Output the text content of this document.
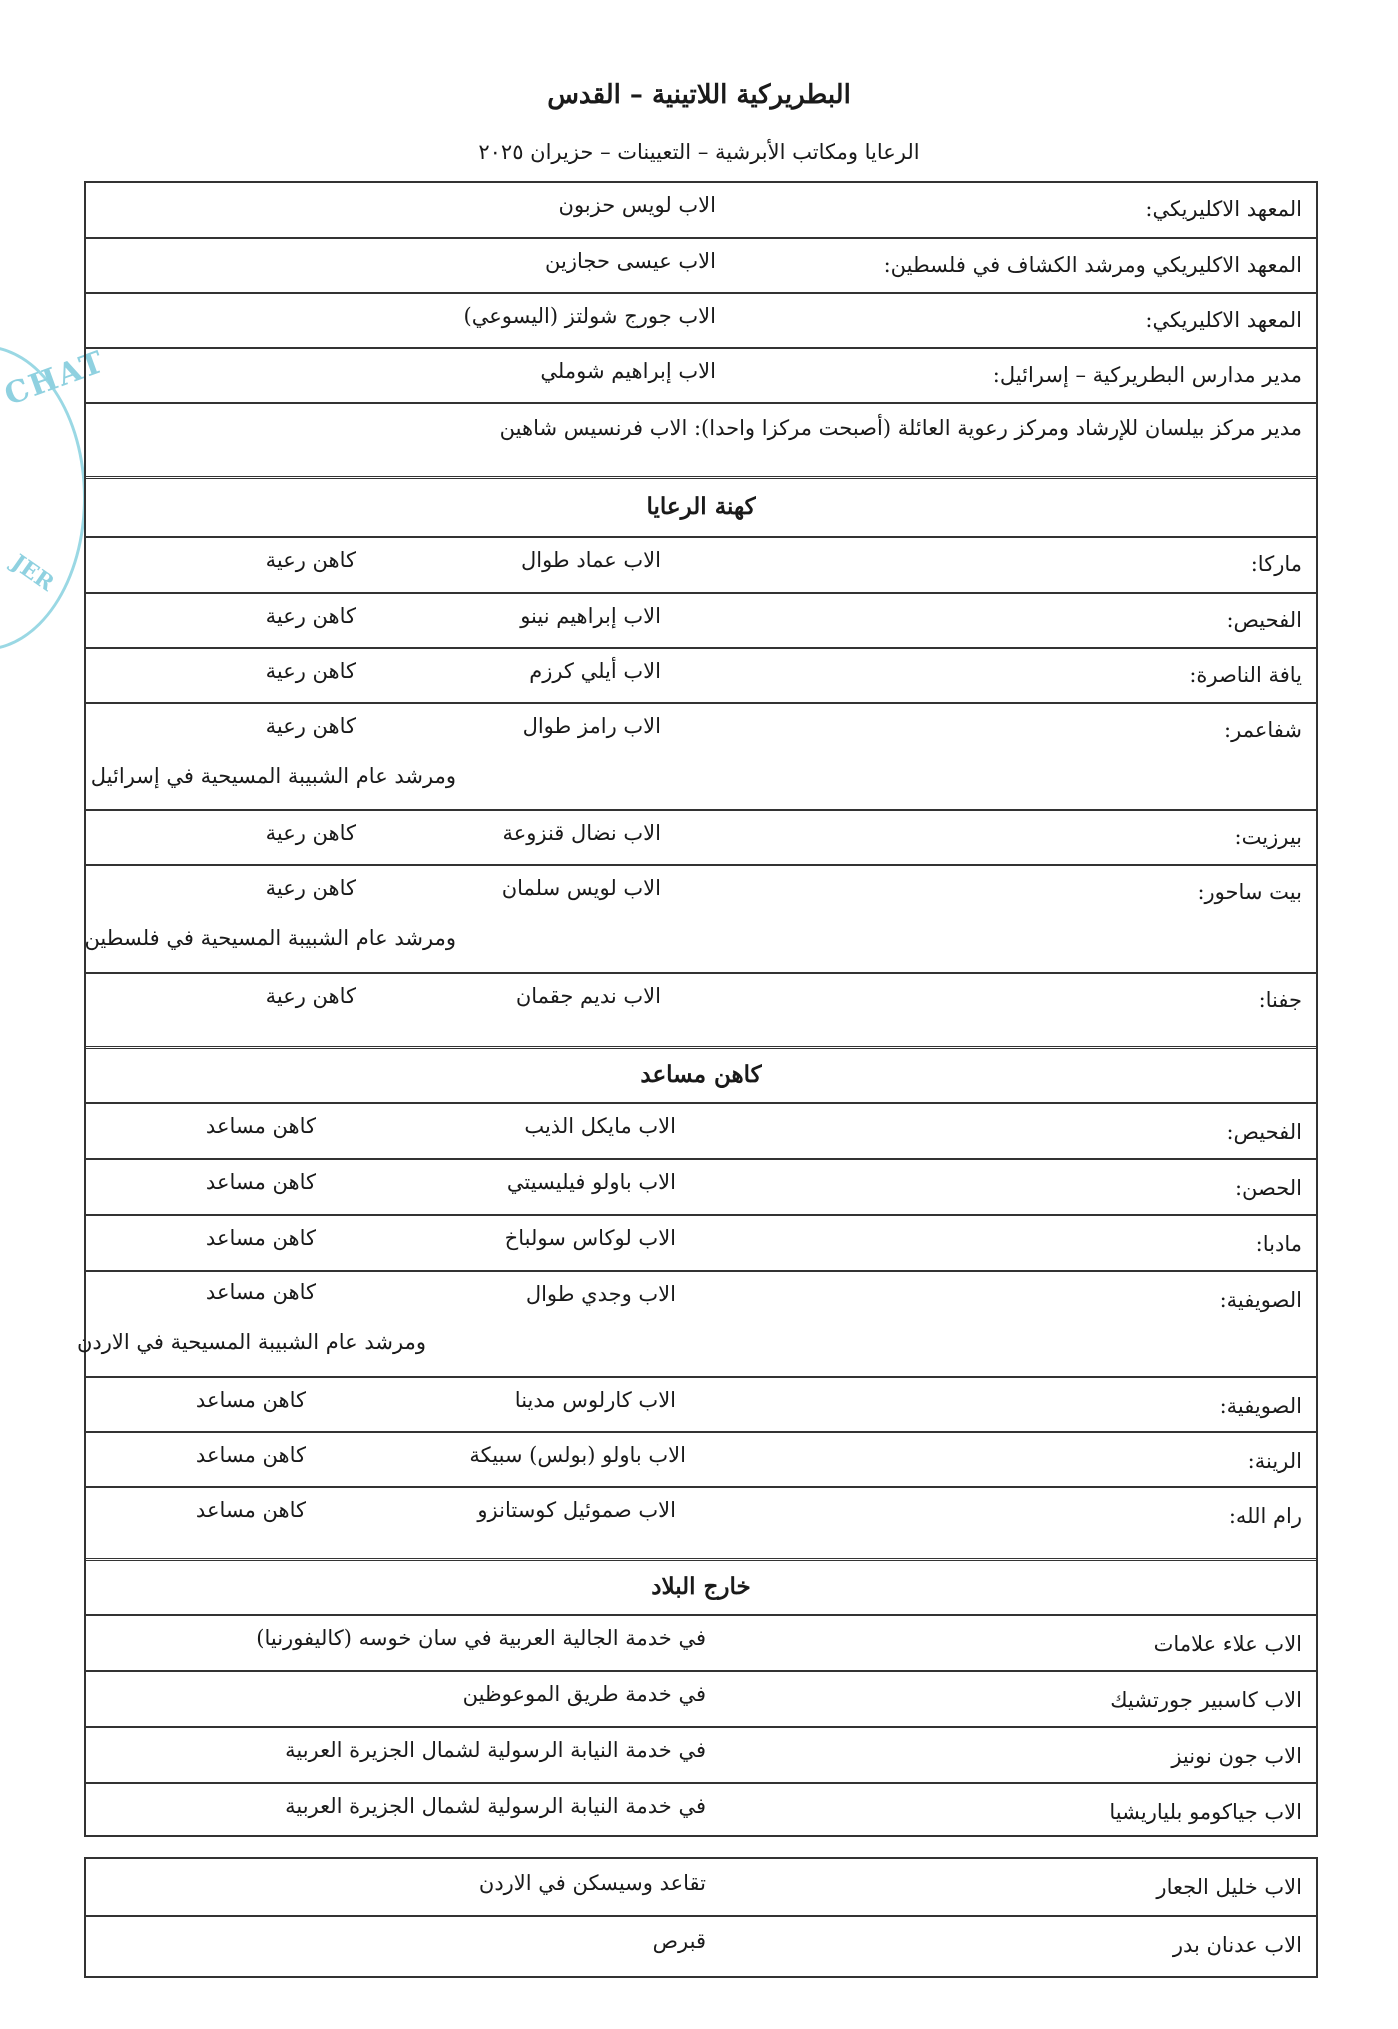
CHAT
JER
البطريركية اللاتينية – القدس
الرعايا ومكاتب الأبرشية – التعيينات – حزيران ٢٠٢٥
المعهد الاكليريكي:
الاب لويس حزبون
المعهد الاكليريكي ومرشد الكشاف في فلسطين:
الاب عيسى حجازين
المعهد الاكليريكي:
الاب جورج شولتز (اليسوعي)
مدير مدارس البطريركية – إسرائيل:
الاب إبراهيم شوملي
مدير مركز بيلسان للإرشاد ومركز رعوية العائلة (أصبحت مركزا واحدا): الاب فرنسيس شاهين
كهنة الرعايا
ماركا:
الاب عماد طوال
كاهن رعية
الفحيص:
الاب إبراهيم نينو
كاهن رعية
يافة الناصرة:
الاب أيلي كرزم
كاهن رعية
شفاعمر:
الاب رامز طوال
كاهن رعية
ومرشد عام الشبيبة المسيحية في إسرائيل
بيرزيت:
الاب نضال قنزوعة
كاهن رعية
بيت ساحور:
الاب لويس سلمان
كاهن رعية
ومرشد عام الشبيبة المسيحية في فلسطين
جفنا:
الاب نديم جقمان
كاهن رعية
كاهن مساعد
الفحيص:
الاب مايكل الذيب
كاهن مساعد
الحصن:
الاب باولو فيليسيتي
كاهن مساعد
مادبا:
الاب لوكاس سولباخ
كاهن مساعد
الصويفية:
الاب وجدي طوال
كاهن مساعد
ومرشد عام الشبيبة المسيحية في الاردن
الصويفية:
الاب كارلوس مدينا
كاهن مساعد
الرينة:
الاب باولو (بولس) سبيكة
كاهن مساعد
رام الله:
الاب صموئيل كوستانزو
كاهن مساعد
خارج البلاد
الاب علاء علامات
في خدمة الجالية العربية في سان خوسه (كاليفورنيا)
الاب كاسبير جورتشيك
في خدمة طريق الموعوظين
الاب جون نونيز
في خدمة النيابة الرسولية لشمال الجزيرة العربية
الاب جياكومو بلياريشيا
في خدمة النيابة الرسولية لشمال الجزيرة العربية
الاب خليل الجعار
تقاعد وسيسكن في الاردن
الاب عدنان بدر
قبرص
